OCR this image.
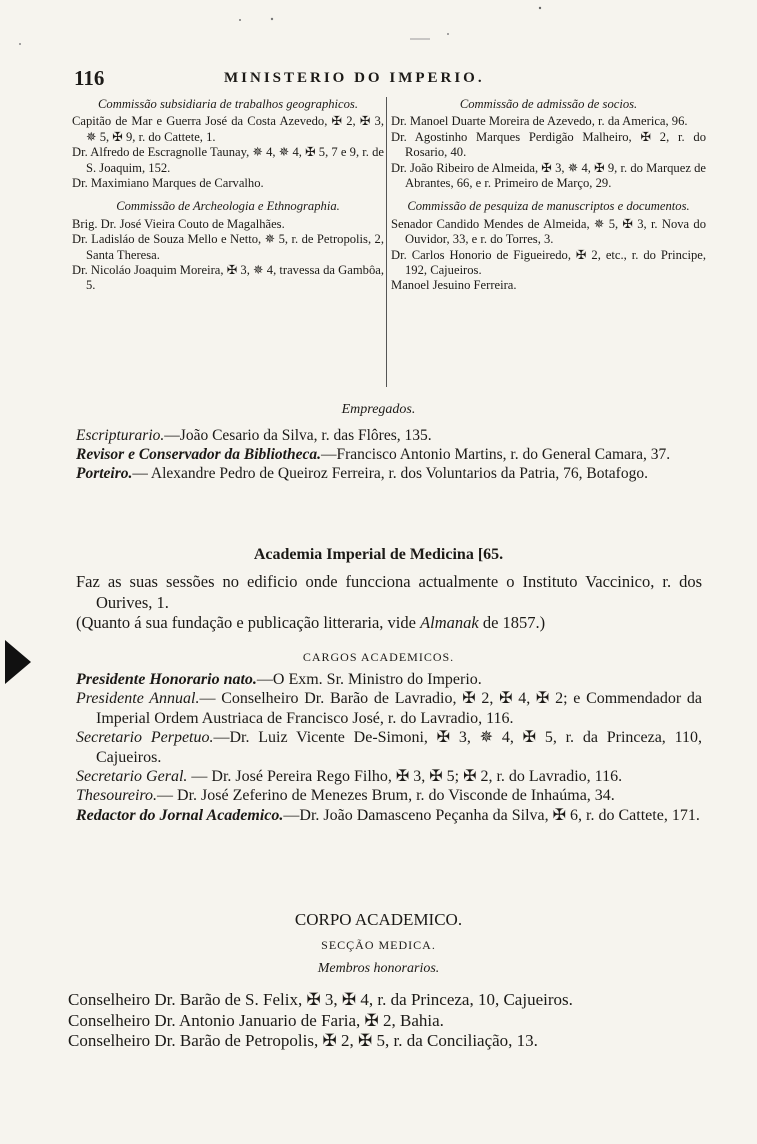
116	MINISTERIO DO IMPERIO.

Commissão subsidiaria de trabalhos geographicos.

Capitão de Mar e Guerra José da Costa Azevedo, ✠ 2, ✠ 3, ✵ 5, ✠ 9, r. do Cattete, 1.

Dr. Alfredo de Escragnolle Taunay, ✵ 4, ✵ 4, ✠ 5, 7 e 9, r. de S. Joaquim, 152.

Dr. Maximiano Marques de Carvalho.

Commissão de Archeologia e Ethnographia.

Brig. Dr. José Vieira Couto de Magalhães.

Dr. Ladisláo de Souza Mello e Netto, ✵ 5, r. de Petropolis, 2, Santa Theresa.

Dr. Nicoláo Joaquim Moreira, ✠ 3, ✵ 4, travessa da Gambôa, 5.

Commissão de admissão de socios.

Dr. Manoel Duarte Moreira de Azevedo, r. da America, 96.

Dr. Agostinho Marques Perdigão Malheiro, ✠ 2, r. do Rosario, 40.

Dr. João Ribeiro de Almeida, ✠ 3, ✵ 4, ✠ 9, r. do Marquez de Abrantes, 66, e r. Primeiro de Março, 29.

Commissão de pesquiza de manuscriptos e documentos.

Senador Candido Mendes de Almeida, ✵ 5, ✠ 3, r. Nova do Ouvidor, 33, e r. do Torres, 3.

Dr. Carlos Honorio de Figueiredo, ✠ 2, etc., r. do Principe, 192, Cajueiros.

Manoel Jesuino Ferreira.

Empregados.

Escripturario.—João Cesario da Silva, r. das Flôres, 135.

Revisor e Conservador da Bibliotheca.—Francisco Antonio Martins, r. do General Camara, 37.

Porteiro.— Alexandre Pedro de Queiroz Ferreira, r. dos Voluntarios da Patria, 76, Botafogo.

Academia Imperial de Medicina [65.

Faz as suas sessões no edificio onde funcciona actualmente o Instituto Vaccinico, r. dos Ourives, 1.

(Quanto á sua fundação e publicação litteraria, vide Almanak de 1857.)

CARGOS ACADEMICOS.

Presidente Honorario nato.—O Exm. Sr. Ministro do Imperio.

Presidente Annual.— Conselheiro Dr. Barão de Lavradio, ✠ 2, ✠ 4, ✠ 2; e Commendador da Imperial Ordem Austriaca de Francisco José, r. do Lavradio, 116.

Secretario Perpetuo.—Dr. Luiz Vicente De-Simoni, ✠ 3, ✵ 4, ✠ 5, r. da Princeza, 110, Cajueiros.

Secretario Geral. — Dr. José Pereira Rego Filho, ✠ 3, ✠ 5; ✠ 2, r. do Lavradio, 116.

Thesoureiro.— Dr. José Zeferino de Menezes Brum, r. do Visconde de Inhaúma, 34.

Redactor do Jornal Academico.—Dr. João Damasceno Peçanha da Silva, ✠ 6, r. do Cattete, 171.

CORPO ACADEMICO.
SECÇÃO MEDICA.
Membros honorarios.

Conselheiro Dr. Barão de S. Felix, ✠ 3, ✠ 4, r. da Princeza, 10, Cajueiros.

Conselheiro Dr. Antonio Januario de Faria, ✠ 2, Bahia.

Conselheiro Dr. Barão de Petropolis, ✠ 2, ✠ 5, r. da Conciliação, 13.
